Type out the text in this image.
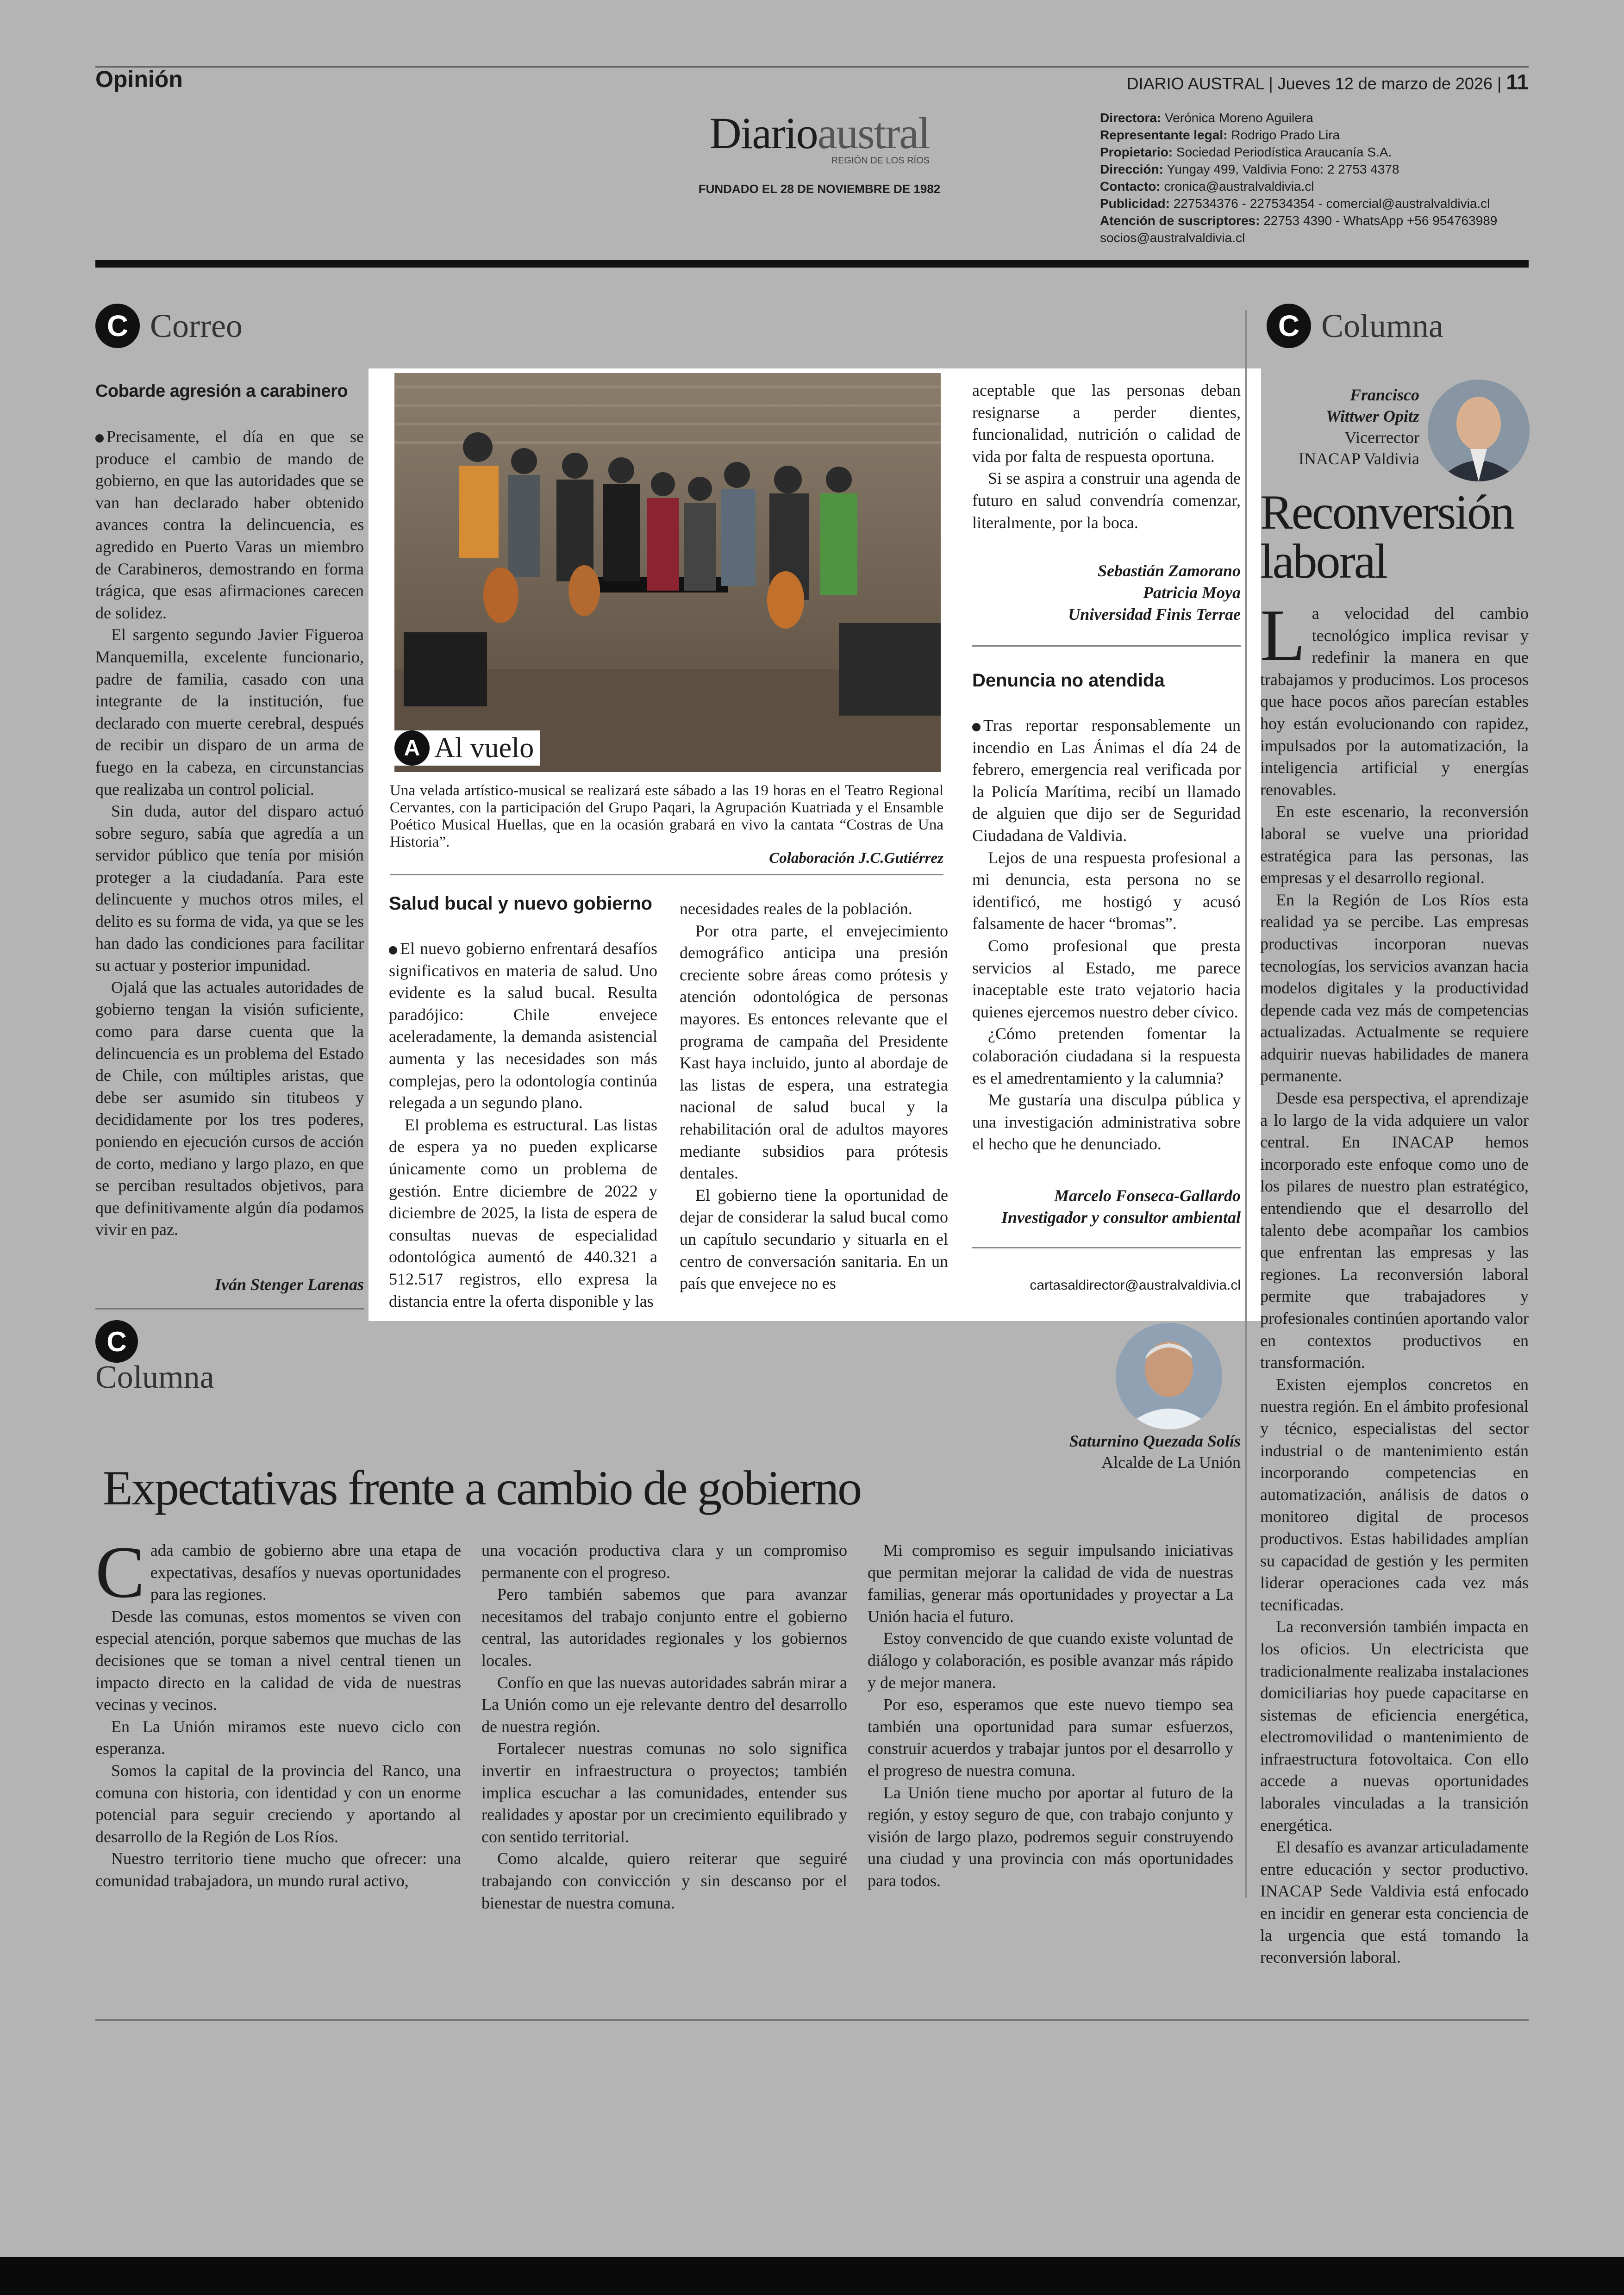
Opinión	DIARIO AUSTRAL | Jueves 12 de marzo de 2026 | 11
Diarioaustral
REGIÓN DE LOS RÍOS
FUNDADO EL 28 DE NOVIEMBRE DE 1982
Directora: Verónica Moreno Aguilera
Representante legal: Rodrigo Prado Lira
Propietario: Sociedad Periodística Araucanía S.A.
Dirección: Yungay 499, Valdivia Fono: 2 2753 4378
Contacto: cronica@australvaldivia.cl
Publicidad: 227534376 - 227534354 - comercial@australvaldivia.cl
Atención de suscriptores: 22753 4390 - WhatsApp +56 954763989
socios@australvaldivia.cl
C Correo
Cobarde agresión a carabinero

Precisamente, el día en que se produce el cambio de mando de gobierno, en que las autoridades que se van han declarado haber obtenido avances contra la delincuencia, es agredido en Puerto Varas un miembro de Carabineros, demostrando en forma trágica, que esas afirmaciones carecen de solidez.

El sargento segundo Javier Figueroa Manquemilla, excelente funcionario, padre de familia, casado con una integrante de la institución, fue declarado con muerte cerebral, después de recibir un disparo de un arma de fuego en la cabeza, en circunstancias que realizaba un control policial.

Sin duda, autor del disparo actuó sobre seguro, sabía que agredía a un servidor público que tenía por misión proteger a la ciudadanía. Para este delincuente y muchos otros miles, el delito es su forma de vida, ya que se les han dado las condiciones para facilitar su actuar y posterior impunidad.

Ojalá que las actuales autoridades de gobierno tengan la visión suficiente, como para darse cuenta que la delincuencia es un problema del Estado de Chile, con múltiples aristas, que debe ser asumido sin titubeos y decididamente por los tres poderes, poniendo en ejecución cursos de acción de corto, mediano y largo plazo, en que se perciban resultados objetivos, para que definitivamente algún día podamos vivir en paz.

Iván Stenger Larenas
A Al vuelo
Una velada artístico-musical se realizará este sábado a las 19 horas en el Teatro Regional Cervantes, con la participación del Grupo Paqari, la Agrupación Kuatriada y el Ensamble Poético Musical Huellas, que en la ocasión grabará en vivo la cantata “Costras de Una Historia”.
Colaboración J.C.Gutiérrez
Salud bucal y nuevo gobierno

El nuevo gobierno enfrentará desafíos significativos en materia de salud. Uno evidente es la salud bucal. Resulta paradójico: Chile envejece aceleradamente, la demanda asistencial aumenta y las necesidades son más complejas, pero la odontología continúa relegada a un segundo plano.

El problema es estructural. Las listas de espera ya no pueden explicarse únicamente como un problema de gestión. Entre diciembre de 2022 y diciembre de 2025, la lista de espera de consultas nuevas de especialidad odontológica aumentó de 440.321 a 512.517 registros, ello expresa la distancia entre la oferta disponible y las

necesidades reales de la población.

Por otra parte, el envejecimiento demográfico anticipa una presión creciente sobre áreas como prótesis y atención odontológica de personas mayores. Es entonces relevante que el programa de campaña del Presidente Kast haya incluido, junto al abordaje de las listas de espera, una estrategia nacional de salud bucal y la rehabilitación oral de adultos mayores mediante subsidios para prótesis dentales.

El gobierno tiene la oportunidad de dejar de considerar la salud bucal como un capítulo secundario y situarla en el centro de conversación sanitaria. En un país que envejece no es

aceptable que las personas deban resignarse a perder dientes, funcionalidad, nutrición o calidad de vida por falta de respuesta oportuna.

Si se aspira a construir una agenda de futuro en salud convendría comenzar, literalmente, por la boca.

Sebastián Zamorano
Patricia Moya
Universidad Finis Terrae
Denuncia no atendida

Tras reportar responsablemente un incendio en Las Ánimas el día 24 de febrero, emergencia real verificada por la Policía Marítima, recibí un llamado de alguien que dijo ser de Seguridad Ciudadana de Valdivia.

Lejos de una respuesta profesional a mi denuncia, esta persona no se identificó, me hostigó y acusó falsamente de hacer “bromas”.

Como profesional que presta servicios al Estado, me parece inaceptable este trato vejatorio hacia quienes ejercemos nuestro deber cívico.

¿Cómo pretenden fomentar la colaboración ciudadana si la respuesta es el amedrentamiento y la calumnia?

Me gustaría una disculpa pública y una investigación administrativa sobre el hecho que he denunciado.

Marcelo Fonseca-Gallardo
Investigador y consultor ambiental
cartasaldirector@australvaldivia.cl
C Columna
Francisco
Wittwer Opitz
Vicerrector
INACAP Valdivia
Reconversión laboral
L a velocidad del cambio tecnológico implica revisar y redefinir la manera en que trabajamos y producimos. Los procesos que hace pocos años parecían estables hoy están evolucionando con rapidez, impulsados por la automatización, la inteligencia artificial y energías renovables.

En este escenario, la reconversión laboral se vuelve una prioridad estratégica para las personas, las empresas y el desarrollo regional.

En la Región de Los Ríos esta realidad ya se percibe. Las empresas productivas incorporan nuevas tecnologías, los servicios avanzan hacia modelos digitales y la productividad depende cada vez más de competencias actualizadas. Actualmente se requiere adquirir nuevas habilidades de manera permanente.

Desde esa perspectiva, el aprendizaje a lo largo de la vida adquiere un valor central. En INACAP hemos incorporado este enfoque como uno de los pilares de nuestro plan estratégico, entendiendo que el desarrollo del talento debe acompañar los cambios que enfrentan las empresas y las regiones. La reconversión laboral permite que trabajadores y profesionales continúen aportando valor en contextos productivos en transformación.

Existen ejemplos concretos en nuestra región. En el ámbito profesional y técnico, especialistas del sector industrial o de mantenimiento están incorporando competencias en automatización, análisis de datos o monitoreo digital de procesos productivos. Estas habilidades amplían su capacidad de gestión y les permiten liderar operaciones cada vez más tecnificadas.

La reconversión también impacta en los oficios. Un electricista que tradicionalmente realizaba instalaciones domiciliarias hoy puede capacitarse en sistemas de eficiencia energética, electromovilidad o mantenimiento de infraestructura fotovoltaica. Con ello accede a nuevas oportunidades laborales vinculadas a la transición energética.

El desafío es avanzar articuladamente entre educación y sector productivo. INACAP Sede Valdivia está enfocado en incidir en generar esta conciencia de la urgencia que está tomando la reconversión laboral.

C
Columna
Saturnino Quezada Solís
Alcalde de La Unión
Expectativas frente a cambio de gobierno
C ada cambio de gobierno abre una etapa de expectativas, desafíos y nuevas oportunidades para las regiones.

Desde las comunas, estos momentos se viven con especial atención, porque sabemos que muchas de las decisiones que se toman a nivel central tienen un impacto directo en la calidad de vida de nuestras vecinas y vecinos.

En La Unión miramos este nuevo ciclo con esperanza.

Somos la capital de la provincia del Ranco, una comuna con historia, con identidad y con un enorme potencial para seguir creciendo y aportando al desarrollo de la Región de Los Ríos.

Nuestro territorio tiene mucho que ofrecer: una comunidad trabajadora, un mundo rural activo,

una vocación productiva clara y un compromiso permanente con el progreso.

Pero también sabemos que para avanzar necesitamos del trabajo conjunto entre el gobierno central, las autoridades regionales y los gobiernos locales.

Confío en que las nuevas autoridades sabrán mirar a La Unión como un eje relevante dentro del desarrollo de nuestra región.

Fortalecer nuestras comunas no solo significa invertir en infraestructura o proyectos; también implica escuchar a las comunidades, entender sus realidades y apostar por un crecimiento equilibrado y con sentido territorial.

Como alcalde, quiero reiterar que seguiré trabajando con convicción y sin descanso por el bienestar de nuestra comuna.

Mi compromiso es seguir impulsando iniciativas que permitan mejorar la calidad de vida de nuestras familias, generar más oportunidades y proyectar a La Unión hacia el futuro.

Estoy convencido de que cuando existe voluntad de diálogo y colaboración, es posible avanzar más rápido y de mejor manera.

Por eso, esperamos que este nuevo tiempo sea también una oportunidad para sumar esfuerzos, construir acuerdos y trabajar juntos por el desarrollo y el progreso de nuestra comuna.

La Unión tiene mucho por aportar al futuro de la región, y estoy seguro de que, con trabajo conjunto y visión de largo plazo, podremos seguir construyendo una ciudad y una provincia con más oportunidades para todos.
